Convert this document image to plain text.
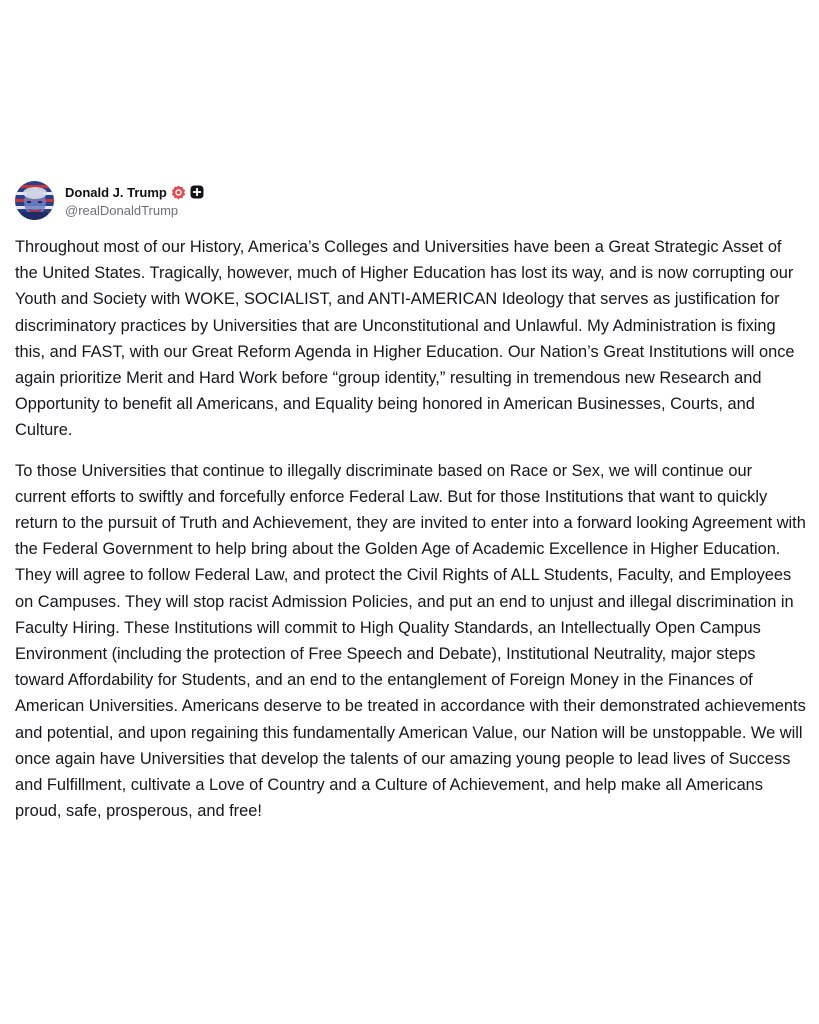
Donald J. Trump
@realDonaldTrump

Throughout most of our History, America’s Colleges and Universities have been a Great Strategic Asset of the United States. Tragically, however, much of Higher Education has lost its way, and is now corrupting our Youth and Society with WOKE, SOCIALIST, and ANTI-AMERICAN Ideology that serves as justification for discriminatory practices by Universities that are Unconstitutional and Unlawful. My Administration is fixing this, and FAST, with our Great Reform Agenda in Higher Education. Our Nation’s Great Institutions will once again prioritize Merit and Hard Work before “group identity,” resulting in tremendous new Research and Opportunity to benefit all Americans, and Equality being honored in American Businesses, Courts, and Culture.

To those Universities that continue to illegally discriminate based on Race or Sex, we will continue our current efforts to swiftly and forcefully enforce Federal Law. But for those Institutions that want to quickly return to the pursuit of Truth and Achievement, they are invited to enter into a forward looking Agreement with the Federal Government to help bring about the Golden Age of Academic Excellence in Higher Education. They will agree to follow Federal Law, and protect the Civil Rights of ALL Students, Faculty, and Employees on Campuses. They will stop racist Admission Policies, and put an end to unjust and illegal discrimination in Faculty Hiring. These Institutions will commit to High Quality Standards, an Intellectually Open Campus Environment (including the protection of Free Speech and Debate), Institutional Neutrality, major steps toward Affordability for Students, and an end to the entanglement of Foreign Money in the Finances of American Universities. Americans deserve to be treated in accordance with their demonstrated achievements and potential, and upon regaining this fundamentally American Value, our Nation will be unstoppable. We will once again have Universities that develop the talents of our amazing young people to lead lives of Success and Fulfillment, cultivate a Love of Country and a Culture of Achievement, and help make all Americans proud, safe, prosperous, and free!
